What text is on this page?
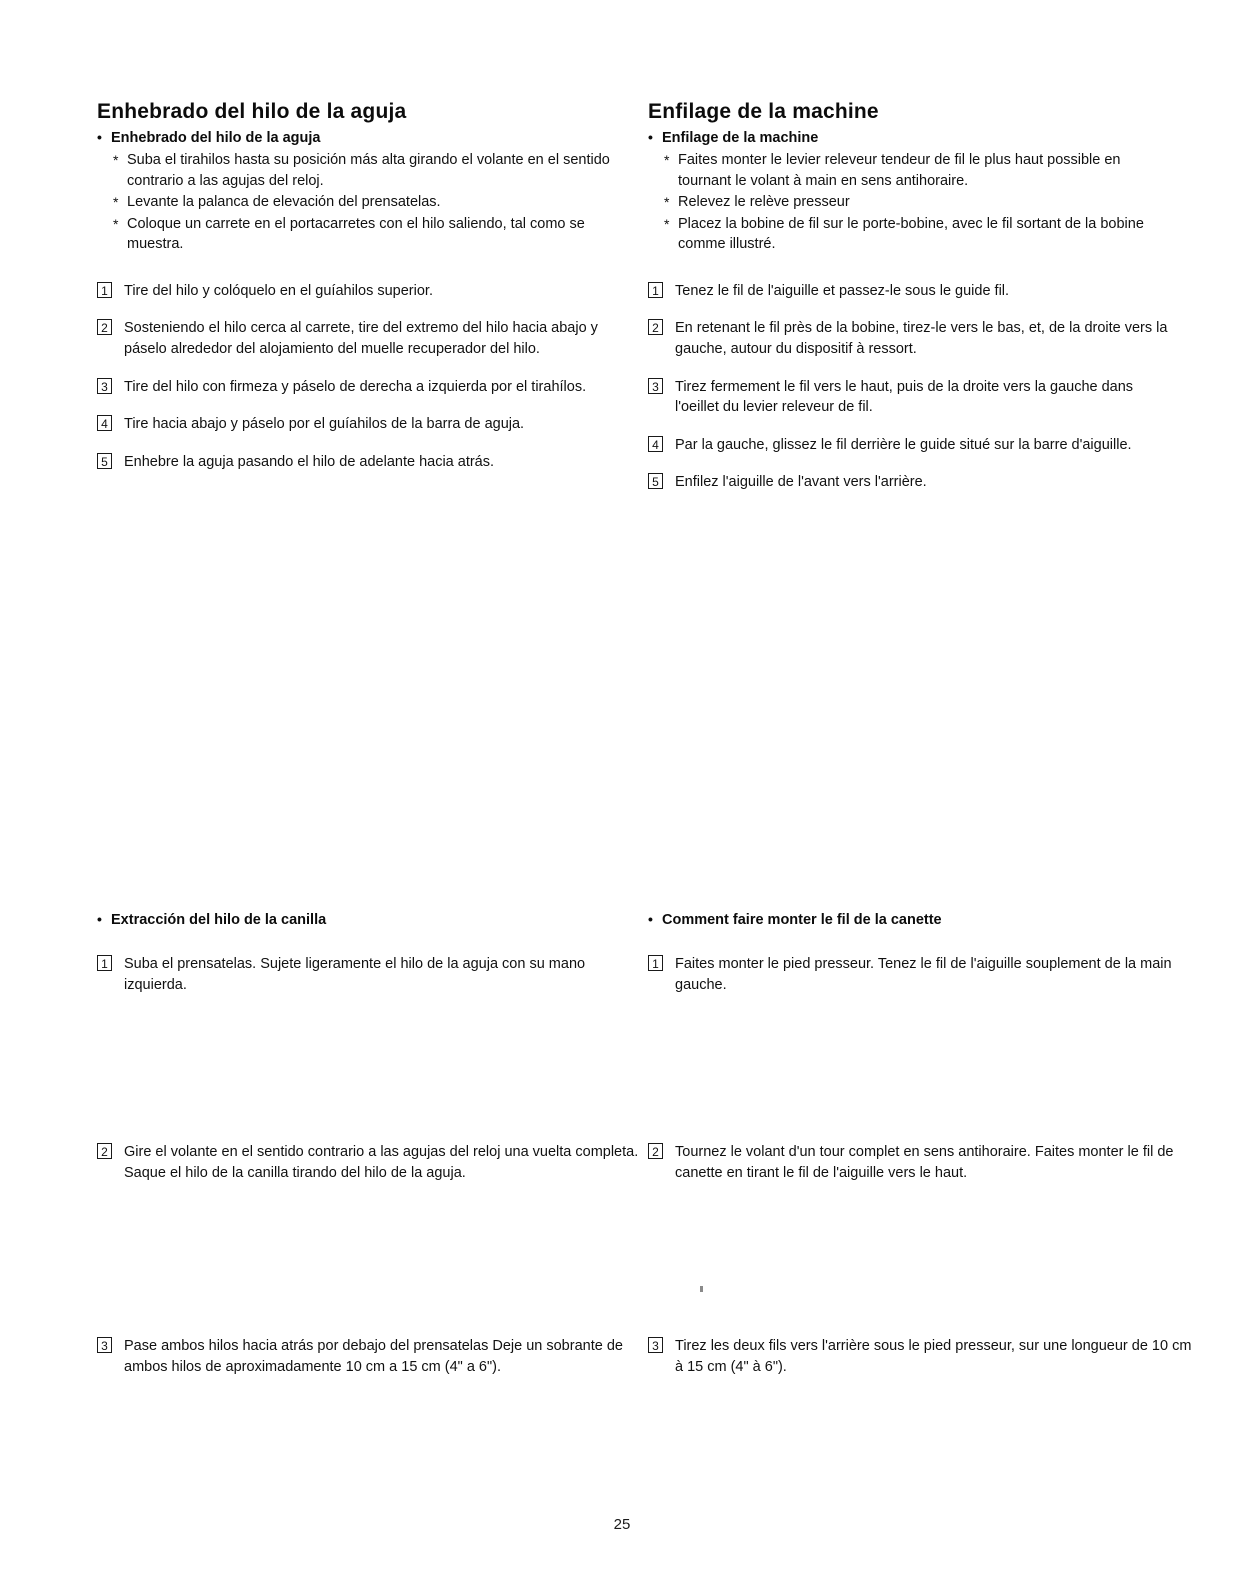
Enhebrado del hilo de la aguja
• Enhebrado del hilo de la aguja
* Suba el tirahilos hasta su posición más alta girando el volante en el sentido contrario a las agujas del reloj.
* Levante la palanca de elevación del prensatelas.
* Coloque un carrete en el portacarretes con el hilo saliendo, tal como se muestra.
1 Tire del hilo y colóquelo en el guíahilos superior.
2 Sosteniendo el hilo cerca al carrete, tire del extremo del hilo hacia abajo y páselo alrededor del alojamiento del muelle recuperador del hilo.
3 Tire del hilo con firmeza y páselo de derecha a izquierda por el tirahílos.
4 Tire hacia abajo y páselo por el guíahilos de la barra de aguja.
5 Enhebre la aguja pasando el hilo de adelante hacia atrás.
Enfilage de la machine
• Enfilage de la machine
* Faites monter le levier releveur tendeur de fil le plus haut possible en tournant le volant à main en sens antihoraire.
* Relevez le relève presseur
* Placez la bobine de fil sur le porte-bobine, avec le fil sortant de la bobine comme illustré.
1 Tenez le fil de l'aiguille et passez-le sous le guide fil.
2 En retenant le fil près de la bobine, tirez-le vers le bas, et, de la droite vers la gauche, autour du dispositif à ressort.
3 Tirez fermement le fil vers le haut, puis de la droite vers la gauche dans l'oeillet du levier releveur de fil.
4 Par la gauche, glissez le fil derrière le guide situé sur la barre d'aiguille.
5 Enfilez l'aiguille de l'avant vers l'arrière.
• Extracción del hilo de la canilla	• Comment faire monter le fil de la canette
1 Suba el prensatelas. Sujete ligeramente el hilo de la aguja con su mano izquierda.
1 Faites monter le pied presseur. Tenez le fil de l'aiguille souplement de la main gauche.
2 Gire el volante en el sentido contrario a las agujas del reloj una vuelta completa. Saque el hilo de la canilla tirando del hilo de la aguja.
2 Tournez le volant d'un tour complet en sens antihoraire. Faites monter le fil de canette en tirant le fil de l'aiguille vers le haut.
3 Pase ambos hilos hacia atrás por debajo del prensatelas Deje un sobrante de ambos hilos de aproximadamente 10 cm a 15 cm (4" a 6").
3 Tirez les deux fils vers l'arrière sous le pied presseur, sur une longueur de 10 cm à 15 cm (4" à 6").
25
